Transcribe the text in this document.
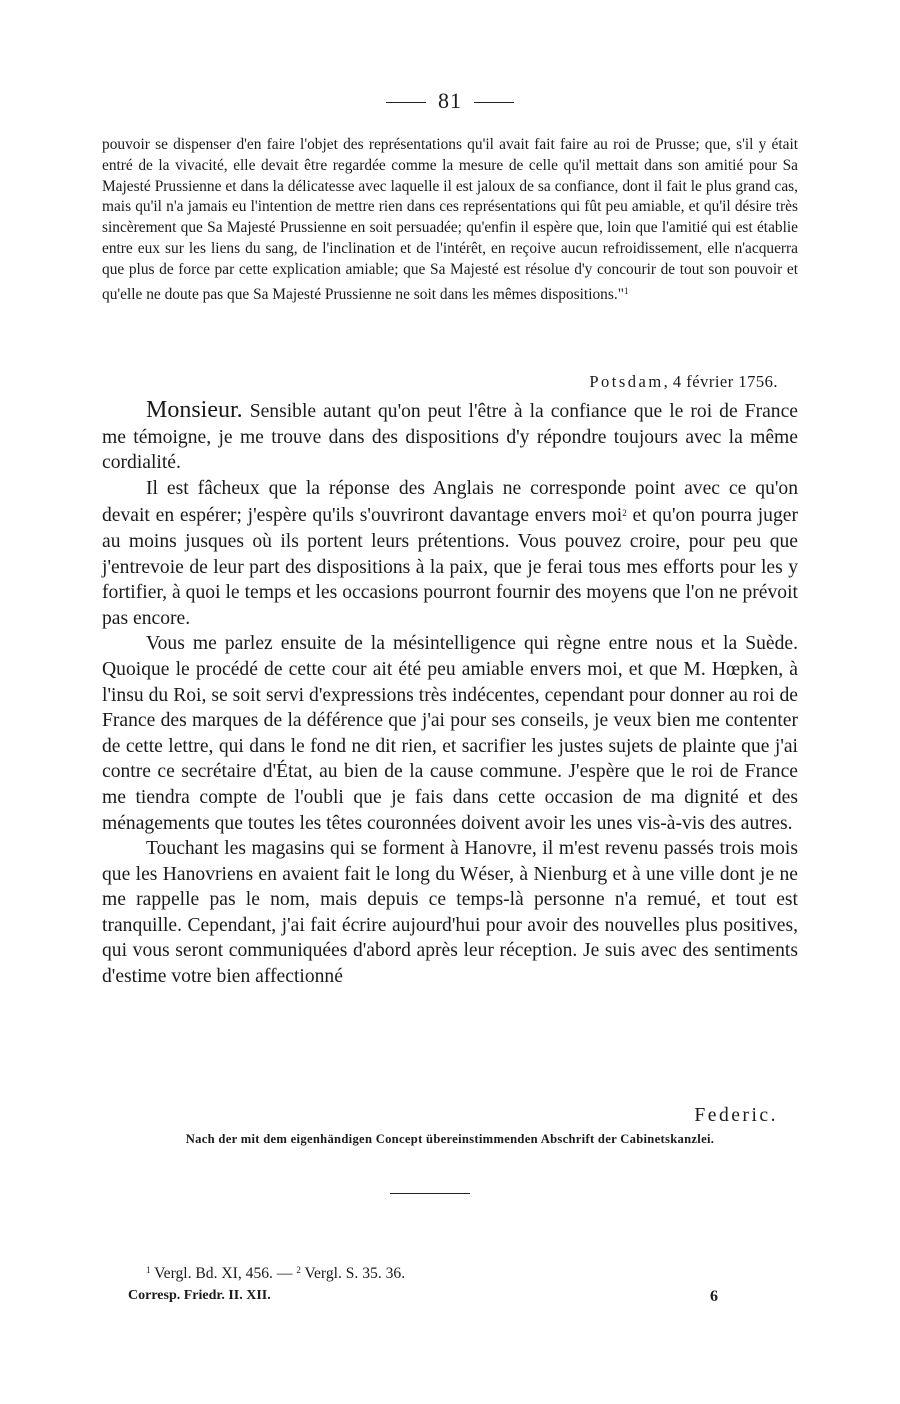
81

pouvoir se dispenser d'en faire l'objet des représentations qu'il avait fait faire au roi de Prusse; que, s'il y était entré de la vivacité, elle devait être regardée comme la mesure de celle qu'il mettait dans son amitié pour Sa Majesté Prussienne et dans la délicatesse avec laquelle il est jaloux de sa confiance, dont il fait le plus grand cas, mais qu'il n'a jamais eu l'intention de mettre rien dans ces représentations qui fût peu amiable, et qu'il désire très sincèrement que Sa Majesté Prussienne en soit persuadée; qu'enfin il espère que, loin que l'amitié qui est établie entre eux sur les liens du sang, de l'inclination et de l'intérêt, en reçoive aucun refroidissement, elle n'acquerra que plus de force par cette explication amiable; que Sa Majesté est résolue d'y concourir de tout son pouvoir et qu'elle ne doute pas que Sa Majesté Prussienne ne soit dans les mêmes dispositions."$^1$

Potsdam, 4 février 1756.

Monsieur. Sensible autant qu'on peut l'être à la confiance que le roi de France me témoigne, je me trouve dans des dispositions d'y répondre toujours avec la même cordialité.

Il est fâcheux que la réponse des Anglais ne corresponde point avec ce qu'on devait en espérer; j'espère qu'ils s'ouvriront davantage envers moi$^2$ et qu'on pourra juger au moins jusques où ils portent leurs prétentions. Vous pouvez croire, pour peu que j'entrevoie de leur part des dispositions à la paix, que je ferai tous mes efforts pour les y fortifier, à quoi le temps et les occasions pourront fournir des moyens que l'on ne prévoit pas encore.

Vous me parlez ensuite de la mésintelligence qui règne entre nous et la Suède. Quoique le procédé de cette cour ait été peu amiable envers moi, et que M. Hœpken, à l'insu du Roi, se soit servi d'expressions très indécentes, cependant pour donner au roi de France des marques de la déférence que j'ai pour ses conseils, je veux bien me contenter de cette lettre, qui dans le fond ne dit rien, et sacrifier les justes sujets de plainte que j'ai contre ce secrétaire d'État, au bien de la cause commune. J'espère que le roi de France me tiendra compte de l'oubli que je fais dans cette occasion de ma dignité et des ménagements que toutes les têtes couronnées doivent avoir les unes vis-à-vis des autres.

Touchant les magasins qui se forment à Hanovre, il m'est revenu passés trois mois que les Hanovriens en avaient fait le long du Wéser, à Nienburg et à une ville dont je ne me rappelle pas le nom, mais depuis ce temps-là personne n'a remué, et tout est tranquille. Cependant, j'ai fait écrire aujourd'hui pour avoir des nouvelles plus positives, qui vous seront communiquées d'abord après leur réception. Je suis avec des sentiments d'estime votre bien affectionné

Federic.
Nach der mit dem eigenhändigen Concept übereinstimmenden Abschrift der Cabinetskanzlei.
$^1$ Vergl. Bd. XI, 456. — $^2$ Vergl. S. 35. 36.
Corresp. Friedr. II. XII.	6
